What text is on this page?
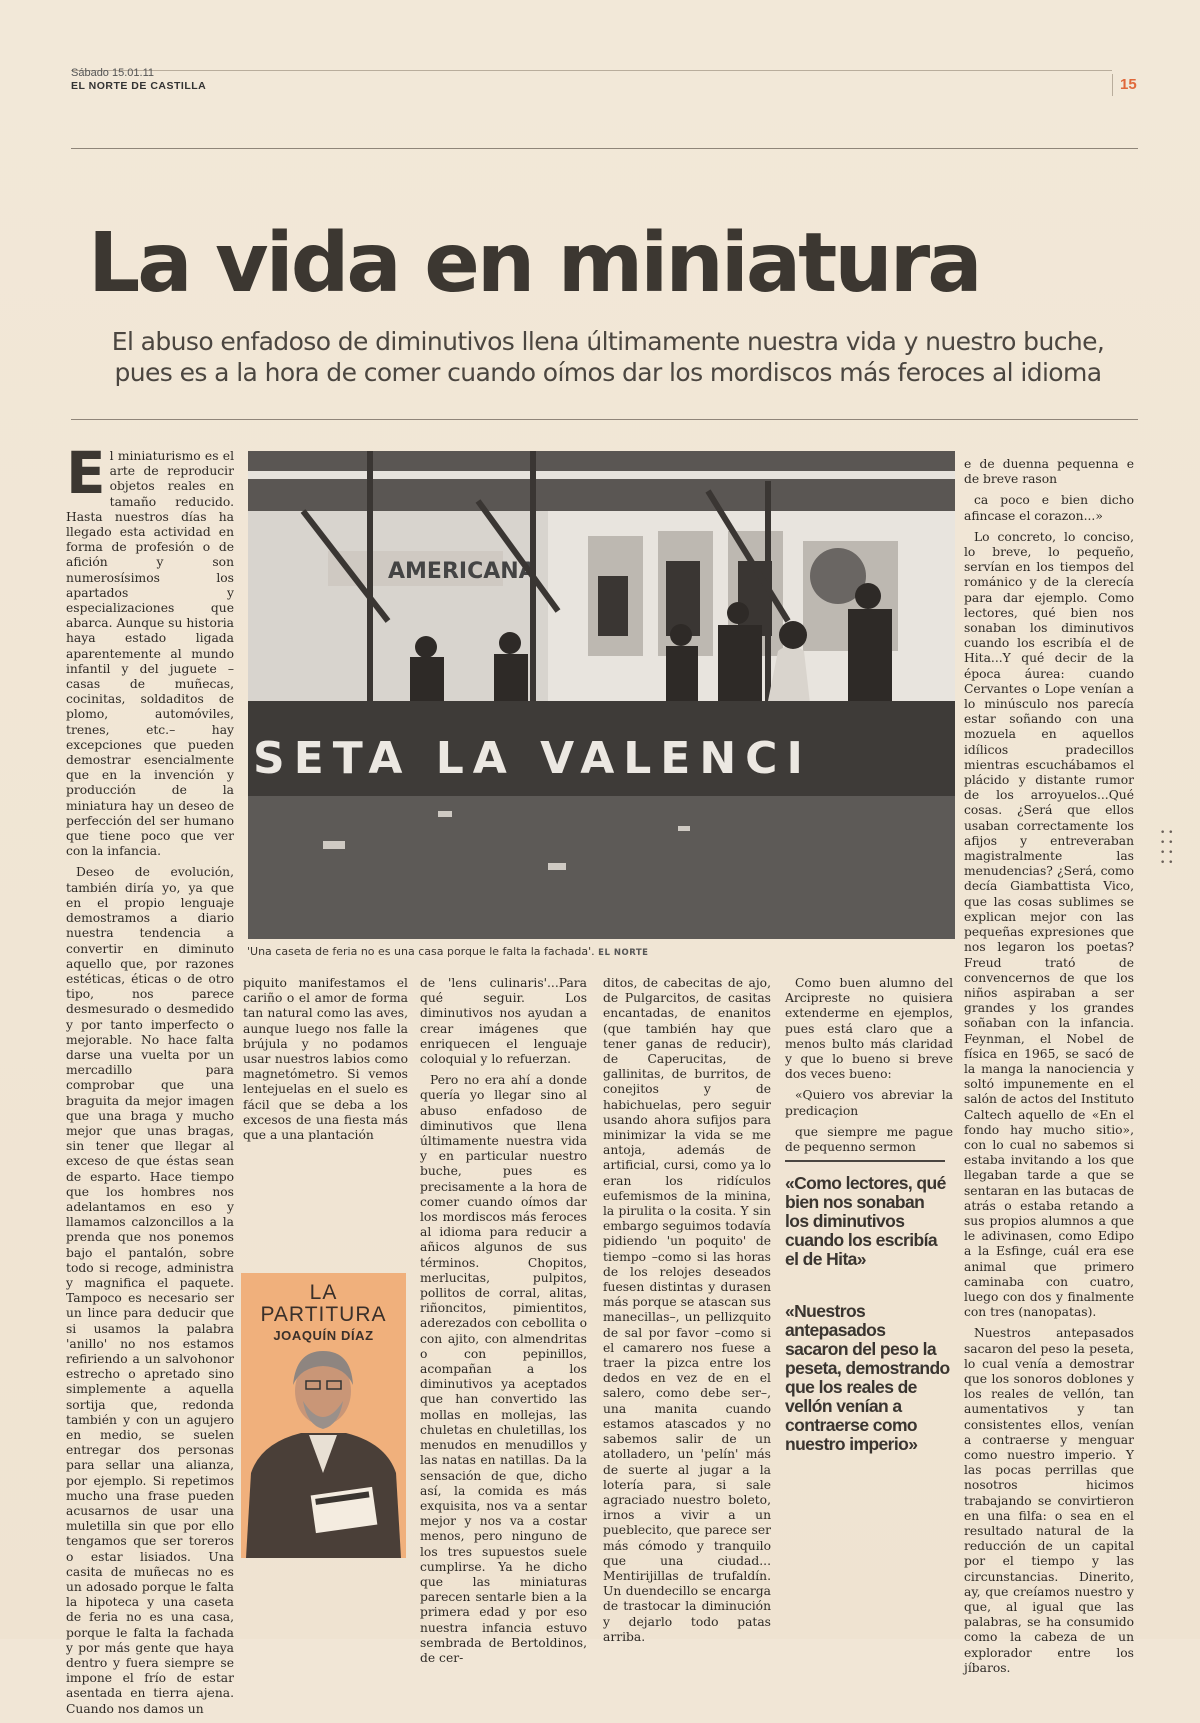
Sábado 15.01.11
EL NORTE DE CASTILLA	15
La vida en miniatura
El abuso enfadoso de diminutivos llena últimamente nuestra vida y nuestro buche, pues es a la hora de comer cuando oímos dar los mordiscos más feroces al idioma

El miniaturismo es el arte de reproducir objetos reales en tamaño reducido. Hasta nuestros días ha llegado esta actividad en forma de profesión o de afición y son numerosísimos los apartados y especializaciones que abarca. Aunque su historia haya estado ligada aparentemente al mundo infantil y del juguete –casas de muñecas, cocinitas, soldaditos de plomo, automóviles, trenes, etc.– hay excepciones que pueden demostrar esencialmente que en la invención y producción de la miniatura hay un deseo de perfección del ser humano que tiene poco que ver con la infancia.

Deseo de evolución, también diría yo, ya que en el propio lenguaje demostramos a diario nuestra tendencia a convertir en diminuto aquello que, por razones estéticas, éticas o de otro tipo, nos parece desmesurado o desmedido y por tanto imperfecto o mejorable. No hace falta darse una vuelta por un mercadillo para comprobar que una braguita da mejor imagen que una braga y mucho mejor que unas bragas, sin tener que llegar al exceso de que éstas sean de esparto. Hace tiempo que los hombres nos adelantamos en eso y llamamos calzoncillos a la prenda que nos ponemos bajo el pantalón, sobre todo si recoge, administra y magnifica el paquete. Tampoco es necesario ser un lince para deducir que si usamos la palabra 'anillo' no nos estamos refiriendo a un salvohonor estrecho o apretado sino simplemente a aquella sortija que, redonda también y con un agujero en medio, se suelen entregar dos personas para sellar una alianza, por ejemplo. Si repetimos mucho una frase pueden acusarnos de usar una muletilla sin que por ello tengamos que ser toreros o estar lisiados. Una casita de muñecas no es un adosado porque le falta la hipoteca y una caseta de feria no es una casa, porque le falta la fachada y por más gente que haya dentro y fuera siempre se impone el frío de estar asentada en tierra ajena. Cuando nos damos un

AMERICANA
SETA LA VALENCI
'Una caseta de feria no es una casa porque le falta la fachada'. EL NORTE

piquito manifestamos el cariño o el amor de forma tan natural como las aves, aunque luego nos falle la brújula y no podamos usar nuestros labios como magnetómetro. Si vemos lentejuelas en el suelo es fácil que se deba a los excesos de una fiesta más que a una plantación

LA
PARTITURA
JOAQUÍN DÍAZ

de 'lens culinaris'...Para qué seguir. Los diminutivos nos ayudan a crear imágenes que enriquecen el lenguaje coloquial y lo refuerzan.

Pero no era ahí a donde quería yo llegar sino al abuso enfadoso de diminutivos que llena últimamente nuestra vida y en particular nuestro buche, pues es precisamente a la hora de comer cuando oímos dar los mordiscos más feroces al idioma para reducir a añicos algunos de sus términos. Chopitos, merlucitas, pulpitos, pollitos de corral, alitas, riñoncitos, pimientitos, aderezados con cebollita o con ajito, con almendritas o con pepinillos, acompañan a los diminutivos ya aceptados que han convertido las mollas en mollejas, las chuletas en chuletillas, los menudos en menudillos y las natas en natillas. Da la sensación de que, dicho así, la comida es más exquisita, nos va a sentar mejor y nos va a costar menos, pero ninguno de los tres supuestos suele cumplirse. Ya he dicho que las miniaturas parecen sentarle bien a la primera edad y por eso nuestra infancia estuvo sembrada de Bertoldinos, de cer-

ditos, de cabecitas de ajo, de Pulgarcitos, de casitas encantadas, de enanitos (que también hay que tener ganas de reducir), de Caperucitas, de gallinitas, de burritos, de conejitos y de habichuelas, pero seguir usando ahora sufijos para minimizar la vida se me antoja, además de artificial, cursi, como ya lo eran los ridículos eufemismos de la minina, la pirulita o la cosita. Y sin embargo seguimos todavía pidiendo 'un poquito' de tiempo –como si las horas de los relojes deseados fuesen distintas y durasen más porque se atascan sus manecillas–, un pellizquito de sal por favor –como si el camarero nos fuese a traer la pizca entre los dedos en vez de en el salero, como debe ser–, una manita cuando estamos atascados y no sabemos salir de un atolladero, un 'pelín' más de suerte al jugar a la lotería para, si sale agraciado nuestro boleto, irnos a vivir a un pueblecito, que parece ser más cómodo y tranquilo que una ciudad... Mentirijillas de trufaldín. Un duendecillo se encarga de trastocar la diminución y dejarlo todo patas arriba.

Como buen alumno del Arcipreste no quisiera extenderme en ejemplos, pues está claro que a menos bulto más claridad y que lo bueno si breve dos veces bueno:

«Quiero vos abreviar la predicaçion

que siempre me pague de pequenno sermon

«Como lectores, qué bien nos sonaban los diminutivos cuando los escribía el de Hita»
«Nuestros antepasados sacaron del peso la peseta, demostrando que los reales de vellón venían a contraerse como nuestro imperio»

e de duenna pequenna e de breve rason

ca poco e bien dicho afincase el corazon...»

Lo concreto, lo conciso, lo breve, lo pequeño, servían en los tiempos del románico y de la clerecía para dar ejemplo. Como lectores, qué bien nos sonaban los diminutivos cuando los escribía el de Hita...Y qué decir de la época áurea: cuando Cervantes o Lope venían a lo minúsculo nos parecía estar soñando con una mozuela en aquellos idílicos pradecillos mientras escuchábamos el plácido y distante rumor de los arroyuelos...Qué cosas. ¿Será que ellos usaban correctamente los afijos y entreveraban magistralmente las menudencias? ¿Será, como decía Giambattista Vico, que las cosas sublimes se explican mejor con las pequeñas expresiones que nos legaron los poetas? Freud trató de convencernos de que los niños aspiraban a ser grandes y los grandes soñaban con la infancia. Feynman, el Nobel de física en 1965, se sacó de la manga la nanociencia y soltó impunemente en el salón de actos del Instituto Caltech aquello de «En el fondo hay mucho sitio», con lo cual no sabemos si estaba invitando a los que llegaban tarde a que se sentaran en las butacas de atrás o estaba retando a sus propios alumnos a que le adivinasen, como Edipo a la Esfinge, cuál era ese animal que primero caminaba con cuatro, luego con dos y finalmente con tres (nanopatas).

Nuestros antepasados sacaron del peso la peseta, lo cual venía a demostrar que los sonoros doblones y los reales de vellón, tan aumentativos y tan consistentes ellos, venían a contraerse y menguar como nuestro imperio. Y las pocas perrillas que nosotros hicimos trabajando se convirtieron en una filfa: o sea en el resultado natural de la reducción de un capital por el tiempo y las circunstancias. Dinerito, ay, que creíamos nuestro y que, al igual que las palabras, se ha consumido como la cabeza de un explorador entre los jíbaros.

• •
• •
• •
• •
